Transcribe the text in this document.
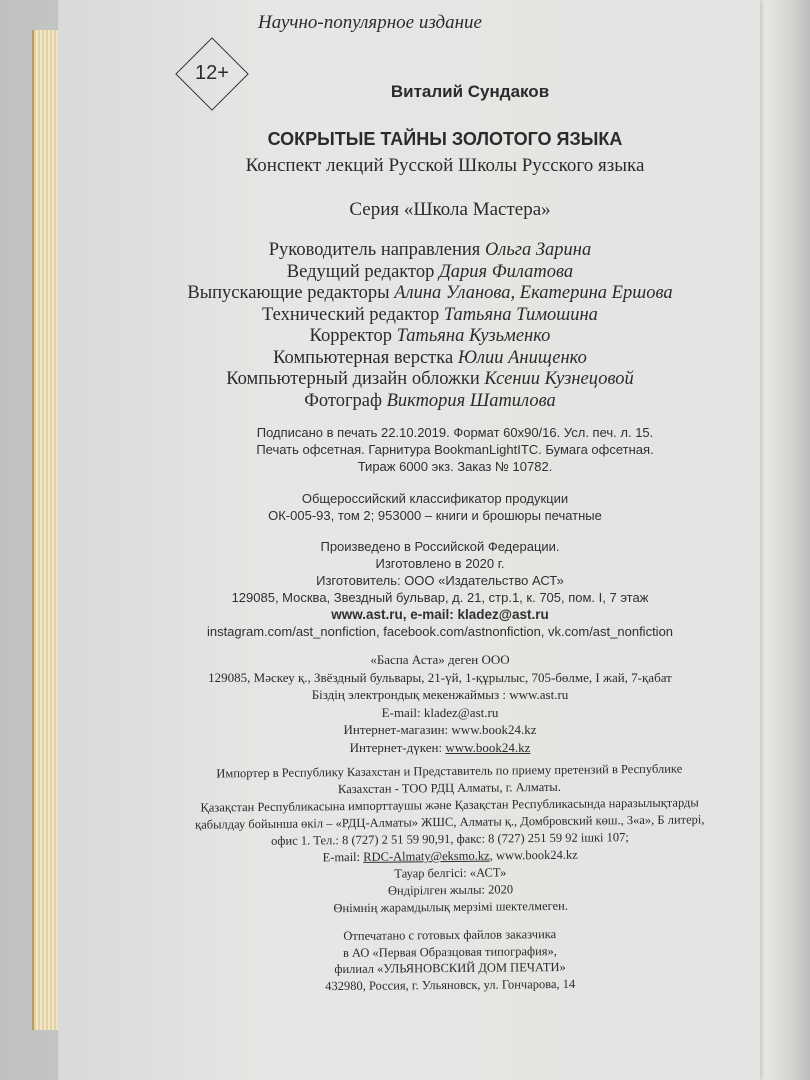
Научно-популярное издание
12+
Виталий Сундаков
СОКРЫТЫЕ ТАЙНЫ ЗОЛОТОГО ЯЗЫКА
Конспект лекций Русской Школы Русского языка
Серия «Школа Мастера»
Руководитель направления Ольга Зарина
Ведущий редактор Дария Филатова
Выпускающие редакторы Алина Уланова, Екатерина Ершова
Технический редактор Татьяна Тимошина
Корректор Татьяна Кузьменко
Компьютерная верстка Юлии Анищенко
Компьютерный дизайн обложки Ксении Кузнецовой
Фотограф Виктория Шатилова
Подписано в печать 22.10.2019. Формат 60x90/16. Усл. печ. л. 15.
Печать офсетная. Гарнитура BookmanLightITC. Бумага офсетная.
Тираж 6000 экз. Заказ № 10782.
Общероссийский классификатор продукции
ОК-005-93, том 2; 953000 – книги и брошюры печатные
Произведено в Российской Федерации.
Изготовлено в 2020 г.
Изготовитель: ООО «Издательство АСТ»
129085, Москва, Звездный бульвар, д. 21, стр.1, к. 705, пом. I, 7 этаж
www.ast.ru, e-mail: kladez@ast.ru
instagram.com/ast_nonfiction, facebook.com/astnonfiction, vk.com/ast_nonfiction
«Баспа Аста» деген ООО
129085, Мәскеу қ., Звёздный бульвары, 21-үй, 1-құрылыс, 705-бөлме, I жай, 7-қабат
Біздің электрондық мекенжаймыз : www.ast.ru
E-mail: kladez@ast.ru
Интернет-магазин: www.book24.kz
Интернет-дүкен: www.book24.kz
Импортер в Республику Казахстан и Представитель по приему претензий в Республике
Казахстан - ТОО РДЦ Алматы, г. Алматы.
Қазақстан Республикасына импорттаушы және Қазақстан Республикасында наразылықтарды
қабылдау бойынша өкіл – «РДЦ-Алматы» ЖШС, Алматы қ., Домбровский көш., 3«а», Б литері,
офис 1. Тел.: 8 (727) 2 51 59 90,91, факс: 8 (727) 251 59 92 ішкі 107;
E-mail: RDC-Almaty@eksmo.kz, www.book24.kz
Тауар белгісі: «АСТ»
Өндірілген жылы: 2020
Өнімнің жарамдылық мерзімі шектелмеген.
Отпечатано с готовых файлов заказчика
в АО «Первая Образцовая типография»,
филиал «УЛЬЯНОВСКИЙ ДОМ ПЕЧАТИ»
432980, Россия, г. Ульяновск, ул. Гончарова, 14
